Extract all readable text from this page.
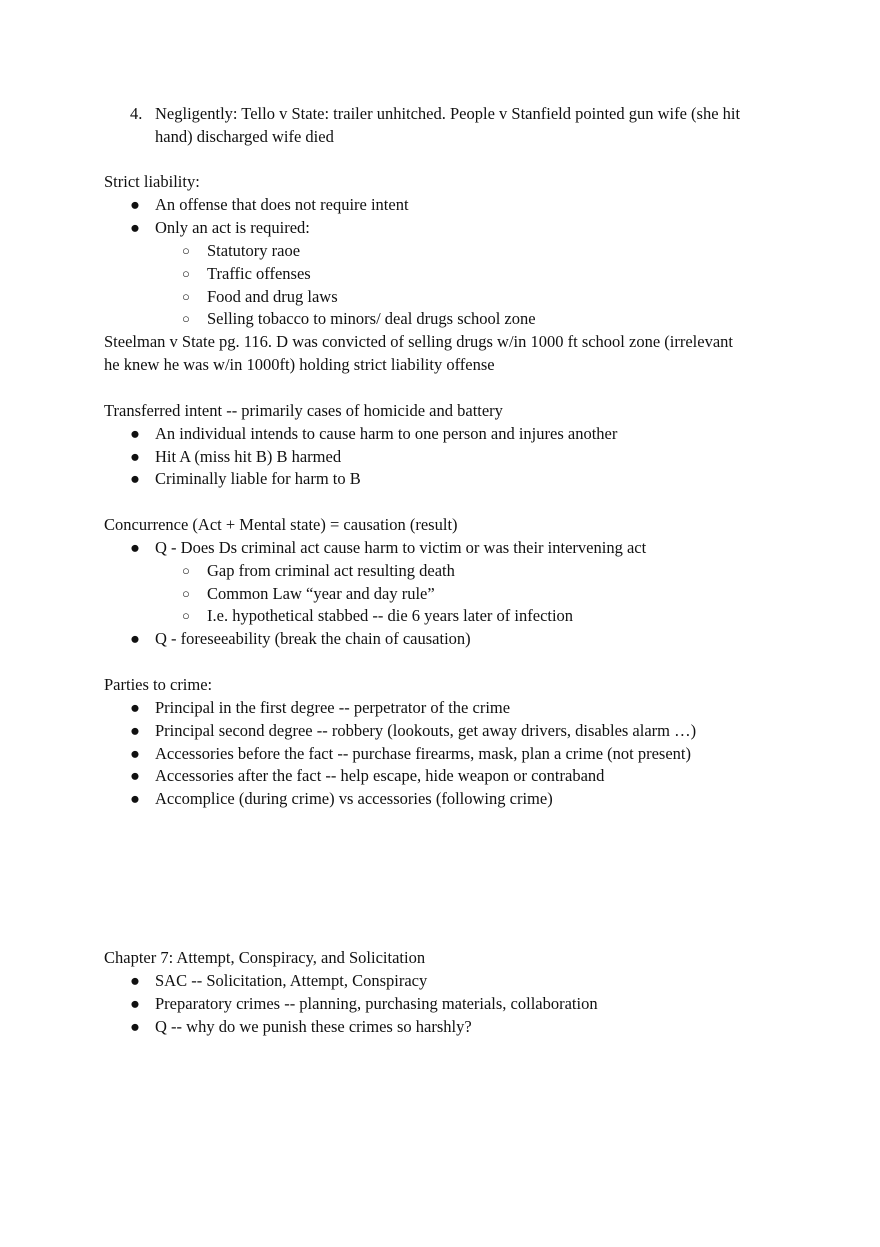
4. Negligently: Tello v State: trailer unhitched. People v Stanfield pointed gun wife (she hit hand) discharged wife died
Strict liability:
● An offense that does not require intent
● Only an act is required:
○ Statutory raoe
○ Traffic offenses
○ Food and drug laws
○ Selling tobacco to minors/ deal drugs school zone
Steelman v State pg. 116. D was convicted of selling drugs w/in 1000 ft school zone (irrelevant
he knew he was w/in 1000ft) holding strict liability offense
Transferred intent -- primarily cases of homicide and battery
● An individual intends to cause harm to one person and injures another
● Hit A (miss hit B) B harmed
● Criminally liable for harm to B
Concurrence (Act + Mental state) = causation (result)
● Q - Does Ds criminal act cause harm to victim or was their intervening act
○ Gap from criminal act resulting death
○ Common Law “year and day rule”
○ I.e. hypothetical stabbed -- die 6 years later of infection
● Q - foreseeability (break the chain of causation)
Parties to crime:
● Principal in the first degree -- perpetrator of the crime
● Principal second degree -- robbery (lookouts, get away drivers, disables alarm …)
● Accessories before the fact -- purchase firearms, mask, plan a crime (not present)
● Accessories after the fact -- help escape, hide weapon or contraband
● Accomplice (during crime) vs accessories (following crime)
Chapter 7: Attempt, Conspiracy, and Solicitation
● SAC -- Solicitation, Attempt, Conspiracy
● Preparatory crimes -- planning, purchasing materials, collaboration
● Q -- why do we punish these crimes so harshly?
